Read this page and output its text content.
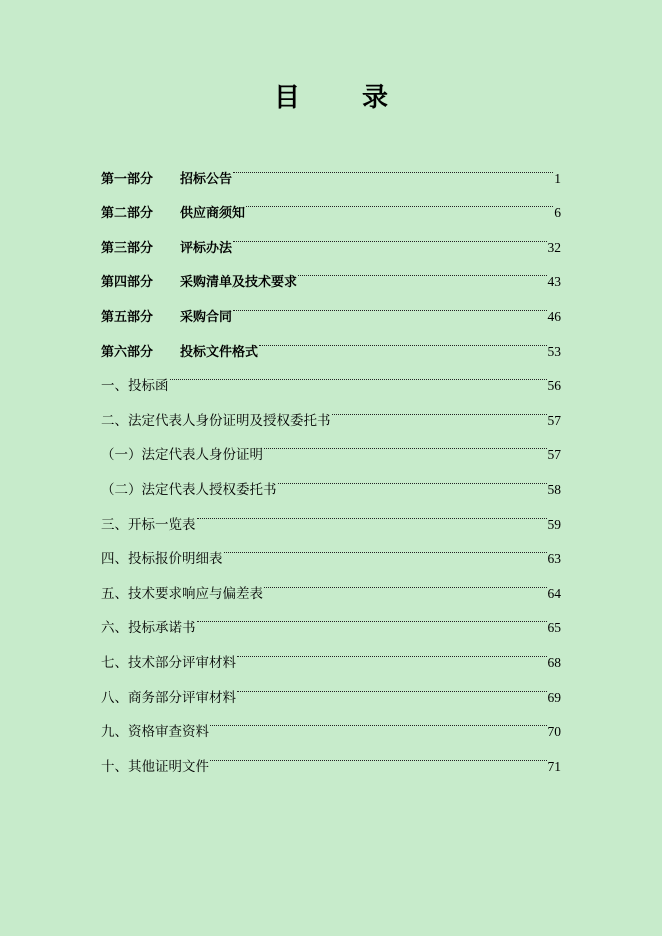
目 录
第一部分 招标公告	1
第二部分 供应商须知	6
第三部分 评标办法	32
第四部分 采购清单及技术要求	43
第五部分 采购合同	46
第六部分 投标文件格式	53
一、投标函	56
二、法定代表人身份证明及授权委托书	57
（一）法定代表人身份证明	57
（二）法定代表人授权委托书	58
三、开标一览表	59
四、投标报价明细表	63
五、技术要求响应与偏差表	64
六、投标承诺书	65
七、技术部分评审材料	68
八、商务部分评审材料	69
九、资格审查资料	70
十、其他证明文件	71
